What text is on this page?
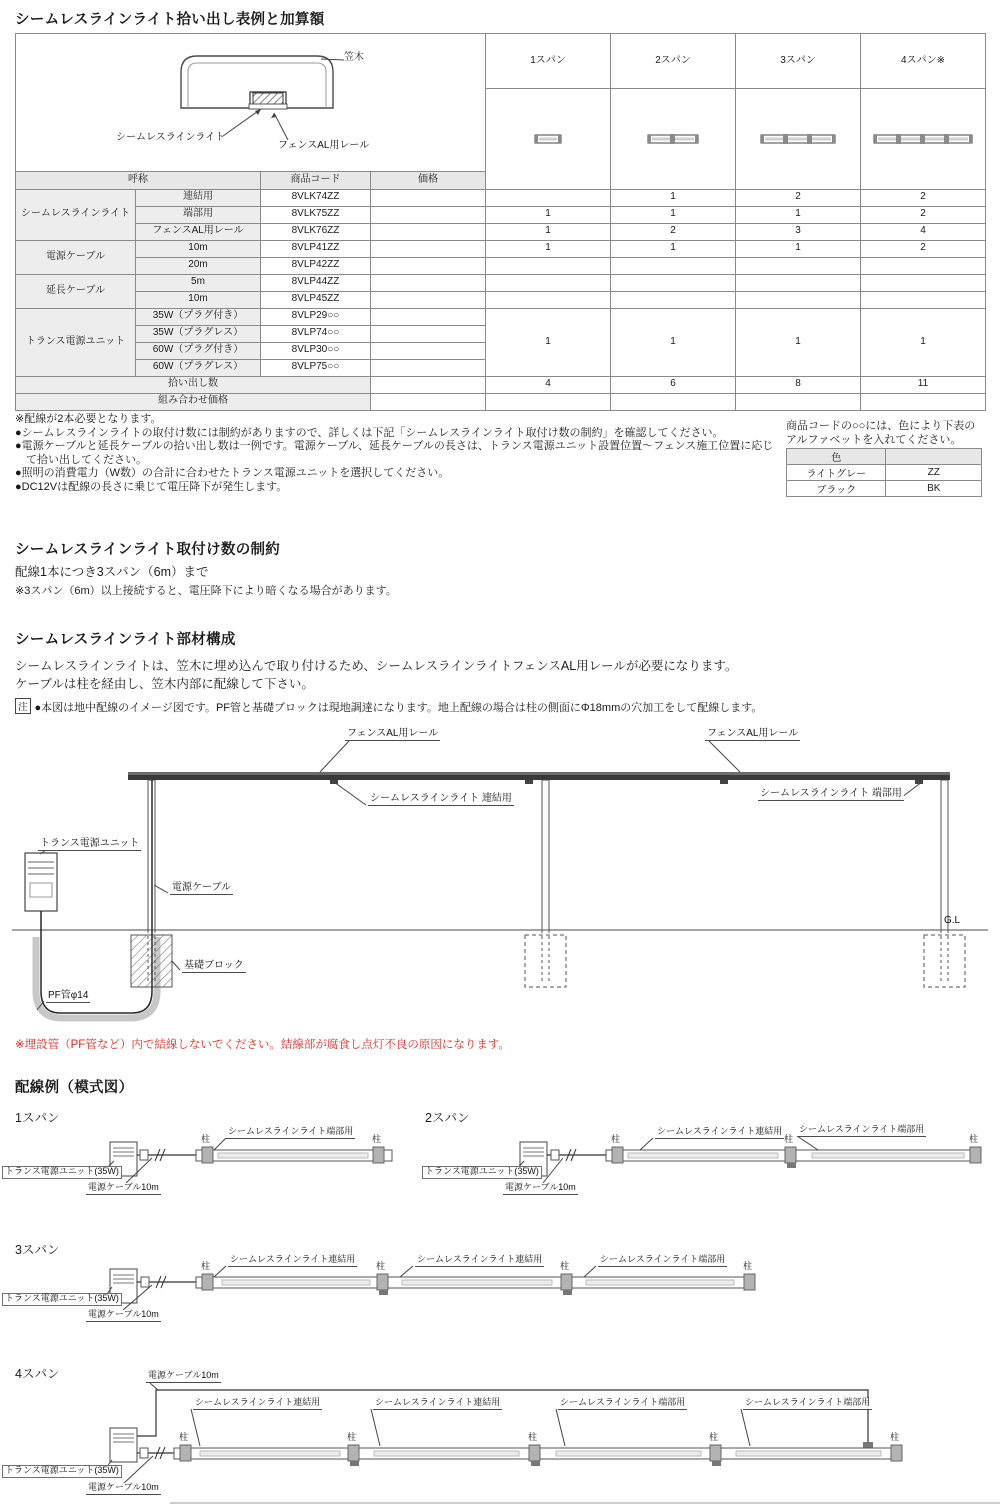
シームレスラインライト拾い出し表例と加算額
笠木
シームレスラインライト
フェンスAL用レール				1スパン	2スパン	3スパン	4スパン※

呼称		商品コード	価格				
シームレスラインライト	連結用	8VLK74ZZ			1	2	2
	端部用	8VLK75ZZ		1	1	1	2
	フェンスAL用レール	8VLK76ZZ		1	2	3	4
電源ケーブル	10m	8VLP41ZZ		1	1	1	2
	20m	8VLP42ZZ					
延長ケーブル	5m	8VLP44ZZ					
	10m	8VLP45ZZ					
トランス電源ユニット	35W（プラグ付き）	8VLP29○○		1	1	1	1
	35W（プラグレス）	8VLP74○○					
	60W（プラグ付き）	8VLP30○○					
	60W（プラグレス）	8VLP75○○					
拾い出し数				4	6	8	11
組み合わせ価格							
※配線が2本必要となります。
●シームレスラインライトの取付け数には制約がありますので、詳しくは下記「シームレスラインライト取付け数の制約」を確認してください。
●電源ケーブルと延長ケーブルの拾い出し数は一例です。電源ケーブル、延長ケーブルの長さは、トランス電源ユニット設置位置〜フェンス施工位置に応じて拾い出してください。
●照明の消費電力（W数）の合計に合わせたトランス電源ユニットを選択してください。
●DC12Vは配線の長さに乗じて電圧降下が発生します。
商品コードの○○には、色により下表の
アルファベットを入れてください。
色	
ライトグレー	ZZ
ブラック	BK
シームレスラインライト取付け数の制約
配線1本につき3スパン（6m）まで
※3スパン（6m）以上接続すると、電圧降下により暗くなる場合があります。
シームレスラインライト部材構成
シームレスラインライトは、笠木に埋め込んで取り付けるため、シームレスラインライトフェンスAL用レールが必要になります。
ケーブルは柱を経由し、笠木内部に配線して下さい。
注 ●本図は地中配線のイメージ図です。PF管と基礎ブロックは現地調達になります。地上配線の場合は柱の側面にΦ18mmの穴加工をして配線します。
フェンスAL用レール	フェンスAL用レール
シームレスラインライト 連結用	シームレスラインライト 端部用
トランス電源ユニット
電源ケーブル
G.L
基礎ブロック
PF管φ14
※埋設管（PF管など）内で結線しないでください。結線部が腐食し点灯不良の原因になります。
配線例（模式図）
1スパン	2スパン
シームレスラインライト端部用
柱	柱
トランス電源ユニット(35W)
電源ケーブル10m
シームレスラインライト連結用 シームレスラインライト端部用
柱	柱	柱
トランス電源ユニット(35W)
電源ケーブル10m
3スパン
シームレスラインライト連結用	シームレスラインライト連結用	シームレスラインライト端部用
柱	柱	柱	柱
トランス電源ユニット(35W)
電源ケーブル10m
4スパン	電源ケーブル10m
シームレスラインライト連結用	シームレスラインライト連結用	シームレスラインライト端部用	シームレスラインライト端部用
柱	柱	柱	柱	柱
トランス電源ユニット(35W)
電源ケーブル10m
